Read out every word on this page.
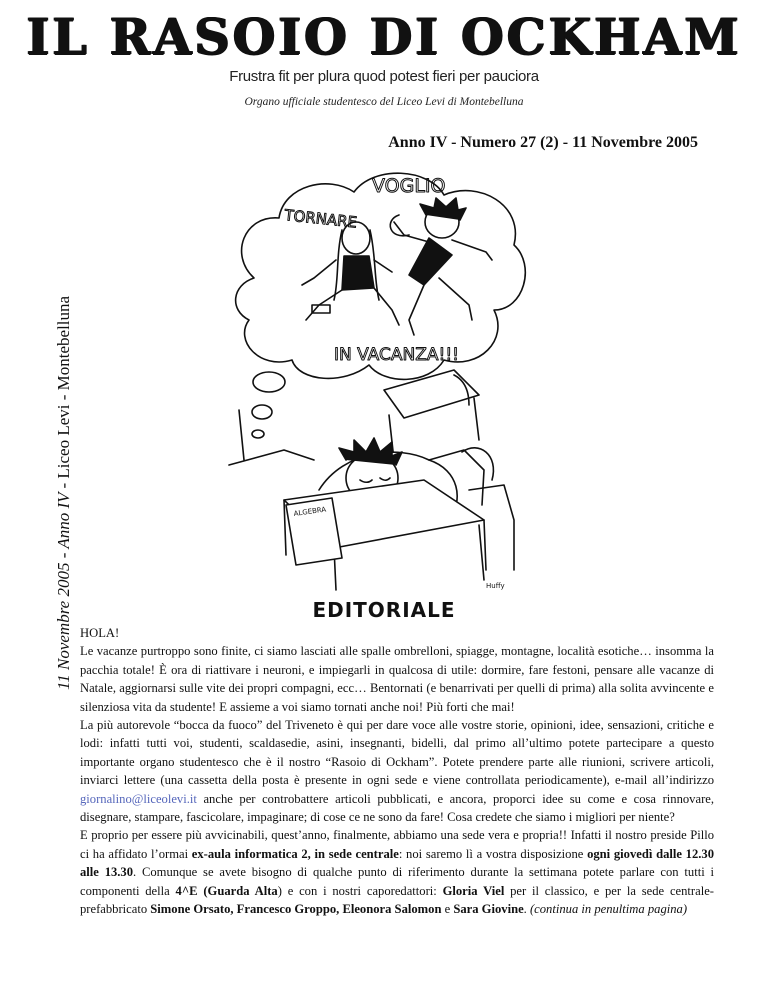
IL RASOIO DI OCKHAM
Frustra fit per plura quod potest fieri per pauciora
Organo ufficiale studentesco del Liceo Levi di Montebelluna
Anno IV - Numero 27 (2) - 11 Novembre 2005
11 Novembre 2005 - Anno IV - Liceo Levi - Montebelluna
VOGLIO
TORNARE
IN VACANZA!!!
ALGEBRA
Huffy
EDITORIALE

HOLA!

Le vacanze purtroppo sono finite, ci siamo lasciati alle spalle ombrelloni, spiagge, montagne, località esotiche… insomma la pacchia totale! È ora di riattivare i neuroni, e impiegarli in qualcosa di utile: dormire, fare festoni, pensare alle vacanze di Natale, aggiornarsi sulle vite dei propri compagni, ecc… Bentornati (e benarrivati per quelli di prima) alla solita avvincente e silenziosa vita da studente! E assieme a voi siamo tornati anche noi! Più forti che mai!

La più autorevole “bocca da fuoco” del Triveneto è qui per dare voce alle vostre storie, opinioni, idee, sensazioni, critiche e lodi: infatti tutti voi, studenti, scaldasedie, asini, insegnanti, bidelli, dal primo all’ultimo potete partecipare a questo importante organo studentesco che è il nostro “Rasoio di Ockham”. Potete prendere parte alle riunioni, scrivere articoli, inviarci lettere (una cassetta della posta è presente in ogni sede e viene controllata periodicamente), e-mail all’indirizzo giornalino@liceolevi.it anche per controbattere articoli pubblicati, e ancora, proporci idee su come e cosa rinnovare, disegnare, stampare, fascicolare, impaginare; di cose ce ne sono da fare! Cosa credete che siamo i migliori per niente?

E proprio per essere più avvicinabili, quest’anno, finalmente, abbiamo una sede vera e propria!! Infatti il nostro preside Pillo ci ha affidato l’ormai ex-aula informatica 2, in sede centrale: noi saremo lì a vostra disposizione ogni giovedì dalle 12.30 alle 13.30. Comunque se avete bisogno di qualche punto di riferimento durante la settimana potete parlare con tutti i componenti della 4^E (Guarda Alta) e con i nostri caporedattori: Gloria Viel per il classico, e per la sede centrale-prefabbricato Simone Orsato, Francesco Groppo, Eleonora Salomon e Sara Giovine. (continua in penultima pagina)
